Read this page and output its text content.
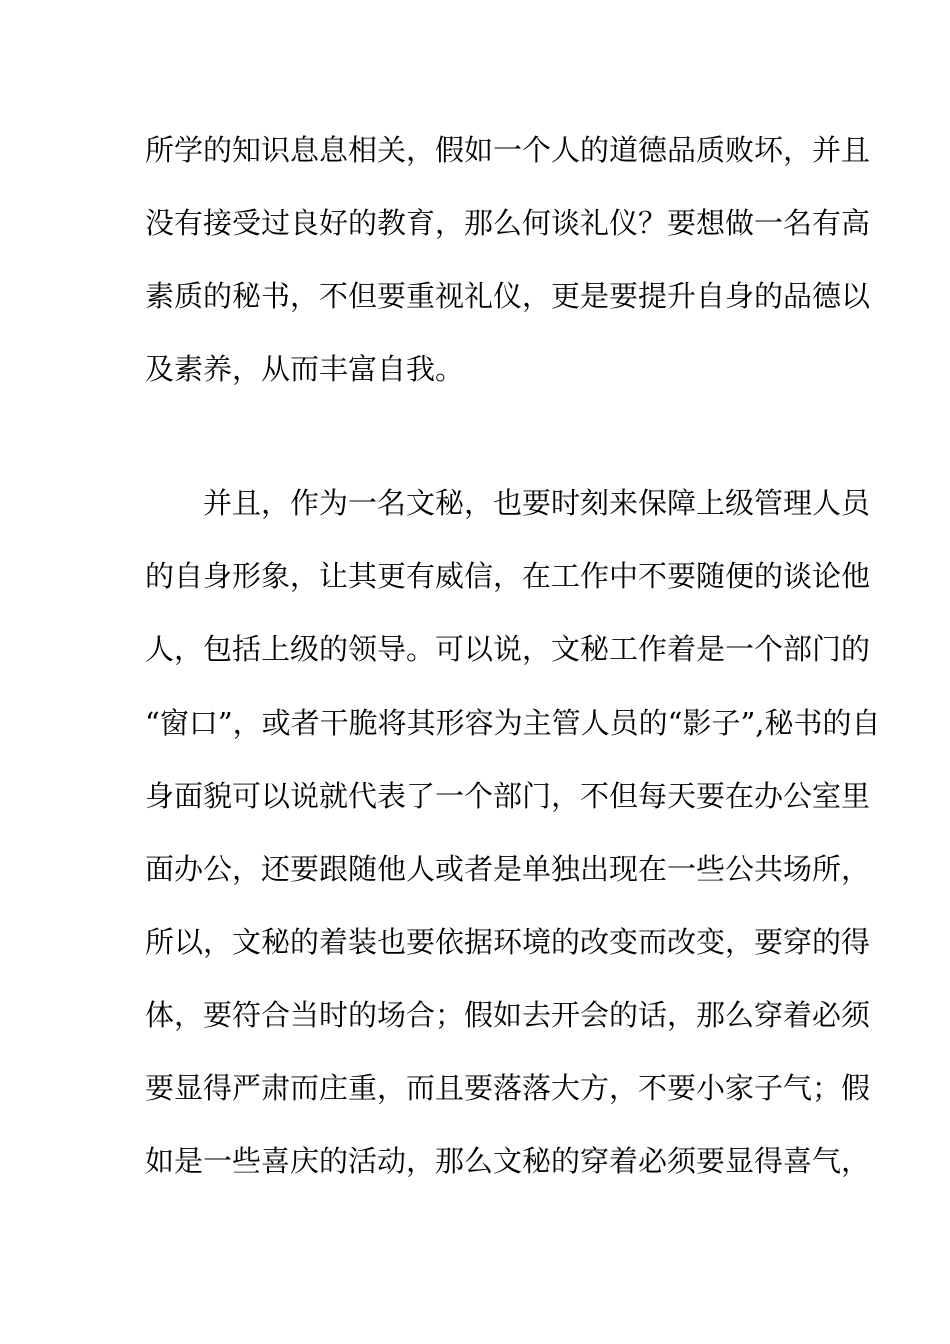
所学的知识息息相关，假如一个人的道德品质败坏，并且
没有接受过良好的教育，那么何谈礼仪？要想做一名有高
素质的秘书，不但要重视礼仪，更是要提升自身的品德以
及素养，从而丰富自我。
并且，作为一名文秘，也要时刻来保障上级管理人员
的自身形象，让其更有威信，在工作中不要随便的谈论他
人，包括上级的领导。可以说，文秘工作着是一个部门的
“窗口”，或者干脆将其形容为主管人员的“影子”,秘书的自
身面貌可以说就代表了一个部门，不但每天要在办公室里
面办公，还要跟随他人或者是单独出现在一些公共场所，
所以，文秘的着装也要依据环境的改变而改变，要穿的得
体，要符合当时的场合；假如去开会的话，那么穿着必须
要显得严肃而庄重，而且要落落大方，不要小家子气；假
如是一些喜庆的活动，那么文秘的穿着必须要显得喜气，
